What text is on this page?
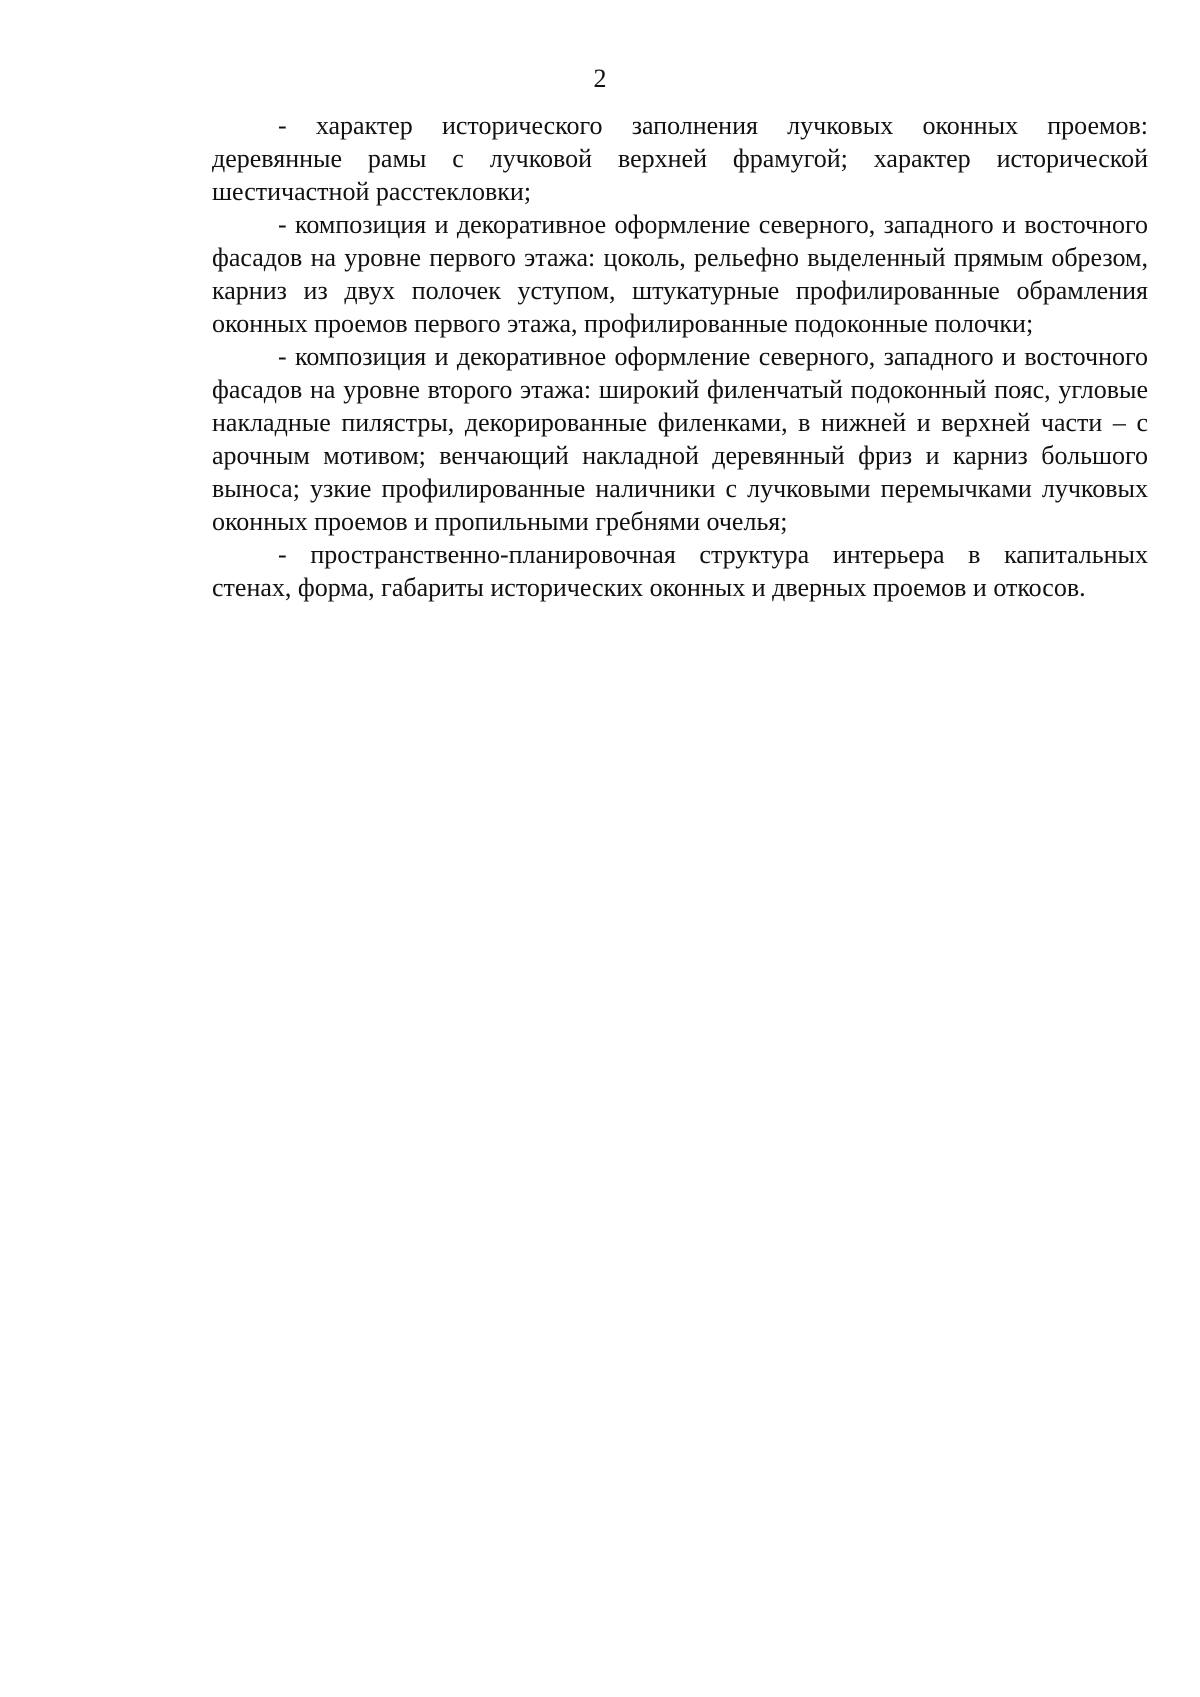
2

- характер исторического заполнения лучковых оконных проемов: деревянные рамы с лучковой верхней фрамугой; характер исторической шестичастной расстекловки;

- композиция и декоративное оформление северного, западного и восточного фасадов на уровне первого этажа: цоколь, рельефно выделенный прямым обрезом, карниз из двух полочек уступом, штукатурные профилированные обрамления оконных проемов первого этажа, профилированные подоконные полочки;

- композиция и декоративное оформление северного, западного и восточного фасадов на уровне второго этажа: широкий филенчатый подоконный пояс, угловые накладные пилястры, декорированные филенками, в нижней и верхней части – с арочным мотивом; венчающий накладной деревянный фриз и карниз большого выноса; узкие профилированные наличники с лучковыми перемычками лучковых оконных проемов и пропильными гребнями очелья;

- пространственно-планировочная структура интерьера в капитальных стенах, форма, габариты исторических оконных и дверных проемов и откосов.
